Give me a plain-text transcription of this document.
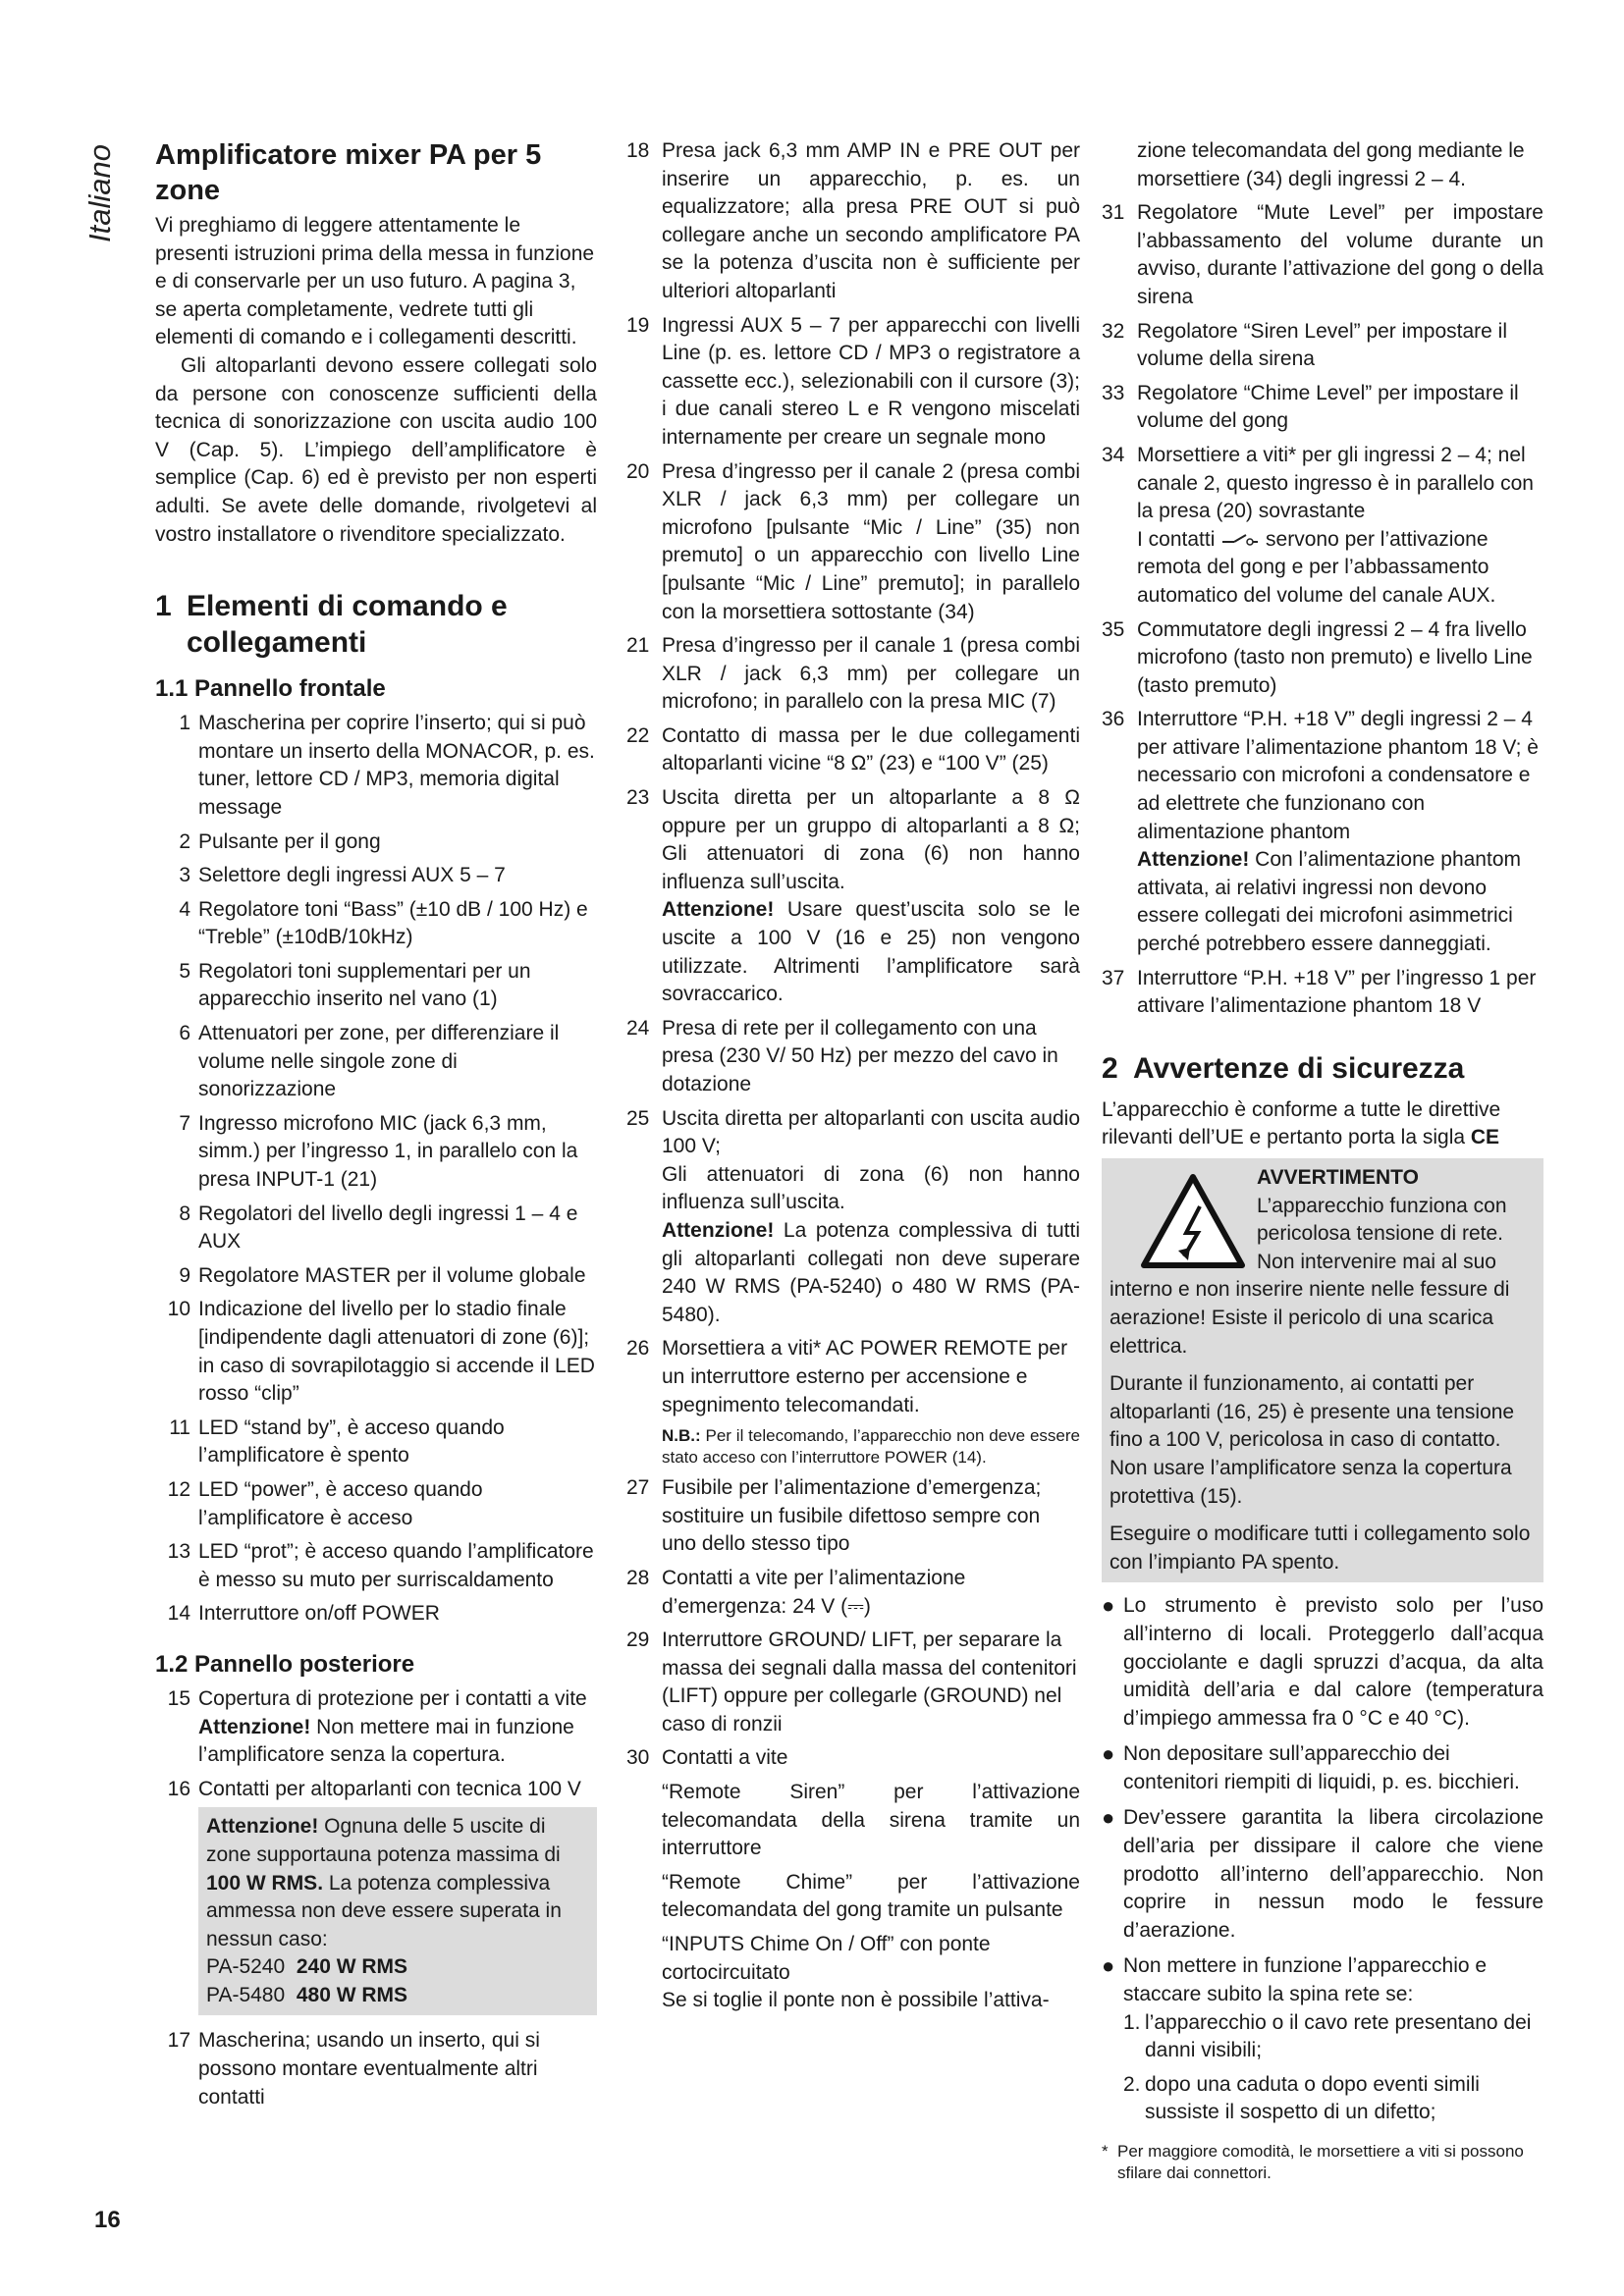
Italiano Amplificatore mixer PA per 5 zone

Vi preghiamo di leggere attentamente le presenti istruzioni prima della messa in funzione e di conservarle per un uso futuro. A pagina 3, se aperta completamente, vedrete tutti gli elementi di comando e i collegamenti descritti.

Gli altoparlanti devono essere collegati solo da persone con conoscenze sufficienti della tecnica di sonorizzazione con uscita audio 100 V (Cap. 5). L’impiego dell’amplificatore è semplice (Cap. 6) ed è previsto per non esperti adulti. Se avete delle domande, rivolgetevi al vostro installatore o rivenditore specializzato.

1 Elementi di comando e collegamenti
1.1 Pannello frontale
1 Mascherina per coprire l’inserto; qui si può montare un inserto della MONACOR, p. es. tuner, lettore CD / MP3, memoria digital message
2 Pulsante per il gong
3 Selettore degli ingressi AUX 5 – 7
4 Regolatore toni “Bass” (±10 dB / 100 Hz) e “Treble” (±10dB/10kHz)
5 Regolatori toni supplementari per un apparecchio inserito nel vano (1)
6 Attenuatori per zone, per differenziare il volume nelle singole zone di sonorizzazione
7 Ingresso microfono MIC (jack 6,3 mm, simm.) per l’ingresso 1, in parallelo con la presa INPUT-1 (21)
8 Regolatori del livello degli ingressi 1 – 4 e AUX
9 Regolatore MASTER per il volume globale
10 Indicazione del livello per lo stadio finale [indipendente dagli attenuatori di zone (6)]; in caso di sovrapilotaggio si accende il LED rosso “clip”
11 LED “stand by”, è acceso quando l’amplificatore è spento
12 LED “power”, è acceso quando l’amplificatore è acceso
13 LED “prot”; è acceso quando l’amplificatore è messo su muto per surriscaldamento
14 Interruttore on/off POWER
1.2 Pannello posteriore
15 Copertura di protezione per i contatti a vite
Attenzione! Non mettere mai in funzione l’amplificatore senza la copertura.
16 Contatti per altoparlanti con tecnica 100 V
Attenzione! Ognuna delle 5 uscite di zone supportauna potenza massima di 100 W RMS. La potenza complessiva ammessa non deve essere superata in nessun caso:
PA-5240 240 W RMS
PA-5480 480 W RMS
17 Mascherina; usando un inserto, qui si possono montare eventualmente altri contatti
18 Presa jack 6,3 mm AMP IN e PRE OUT per inserire un apparecchio, p. es. un equalizzatore; alla presa PRE OUT si può collegare anche un secondo amplificatore PA se la potenza d’uscita non è sufficiente per ulteriori altoparlanti
19 Ingressi AUX 5 – 7 per apparecchi con livelli Line (p. es. lettore CD / MP3 o registratore a cassette ecc.), selezionabili con il cursore (3); i due canali stereo L e R vengono miscelati internamente per creare un segnale mono
20 Presa d’ingresso per il canale 2 (presa combi XLR / jack 6,3 mm) per collegare un microfono [pulsante “Mic / Line” (35) non premuto] o un apparecchio con livello Line [pulsante “Mic / Line” premuto]; in parallelo con la morsettiera sottostante (34)
21 Presa d’ingresso per il canale 1 (presa combi XLR / jack 6,3 mm) per collegare un microfono; in parallelo con la presa MIC (7)
22 Contatto di massa per le due collegamenti altoparlanti vicine “8 Ω” (23) e “100 V” (25)
23 Uscita diretta per un altoparlante a 8 Ω oppure per un gruppo di altoparlanti a 8 Ω; Gli attenuatori di zona (6) non hanno influenza sull’uscita.
Attenzione! Usare quest’uscita solo se le uscite a 100 V (16 e 25) non vengono utilizzate. Altrimenti l’amplificatore sarà sovraccarico.
24 Presa di rete per il collegamento con una presa (230 V/ 50 Hz) per mezzo del cavo in dotazione
25 Uscita diretta per altoparlanti con uscita audio 100 V;
Gli attenuatori di zona (6) non hanno influenza sull’uscita.
Attenzione! La potenza complessiva di tutti gli altoparlanti collegati non deve superare 240 W RMS (PA-5240) o 480 W RMS (PA-5480).
26 Morsettiera a viti* AC POWER REMOTE per un interruttore esterno per accensione e spegnimento telecomandati.

N.B.: Per il telecomando, l’apparecchio non deve essere stato acceso con l’interruttore POWER (14).

27 Fusibile per l’alimentazione d’emergenza; sostituire un fusibile difettoso sempre con uno dello stesso tipo
28 Contatti a vite per l’alimentazione d’emergenza: 24 V (⎓)
29 Interruttore GROUND/ LIFT, per separare la massa dei segnali dalla massa del contenitori (LIFT) oppure per collegarle (GROUND) nel caso di ronzii
30 Contatti a vite

“Remote Siren” per l’attivazione telecomandata della sirena tramite un interruttore

“Remote Chime” per l’attivazione telecomandata del gong tramite un pulsante

“INPUTS Chime On / Off” con ponte cortocircuitato

Se si toglie il ponte non è possibile l’attiva-

zione telecomandata del gong mediante le morsettiere (34) degli ingressi 2 – 4.
31 Regolatore “Mute Level” per impostare l’abbassamento del volume durante un avviso, durante l’attivazione del gong o della sirena
32 Regolatore “Siren Level” per impostare il volume della sirena
33 Regolatore “Chime Level” per impostare il volume del gong
34 Morsettiere a viti* per gli ingressi 2 – 4; nel canale 2, questo ingresso è in parallelo con la presa (20) sovrastante
I contatti  servono per l’attivazione remota del gong e per l’abbassamento automatico del volume del canale AUX.
35 Commutatore degli ingressi 2 – 4 fra livello microfono (tasto non premuto) e livello Line (tasto premuto)
36 Interruttore “P.H. +18 V” degli ingressi 2 – 4 per attivare l’alimentazione phantom 18 V; è necessario con microfoni a condensatore e ad elettrete che funzionano con alimentazione phantom
Attenzione! Con l’alimentazione phantom attivata, ai relativi ingressi non devono essere collegati dei microfoni asimmetrici perché potrebbero essere danneggiati.
37 Interruttore “P.H. +18 V” per l’ingresso 1 per attivare l’alimentazione phantom 18 V
2 Avvertenze di sicurezza

L’apparecchio è conforme a tutte le direttive rilevanti dell’UE e pertanto porta la sigla CE

AVVERTIMENTO
L’apparecchio funziona con pericolosa tensione di rete. Non intervenire mai al suo interno e non inserire niente nelle fessure di aerazione! Esiste il pericolo di una scarica elettrica.

Durante il funzionamento, ai contatti per altoparlanti (16, 25) è presente una tensione fino a 100 V, pericolosa in caso di contatto. Non usare l’amplificatore senza la copertura protettiva (15).

Eseguire o modificare tutti i collegamento solo con l’impianto PA spento.

● Lo strumento è previsto solo per l’uso all’interno di locali. Proteggerlo dall’acqua gocciolante e dagli spruzzi d’acqua, da alta umidità dell’aria e dal calore (temperatura d’impiego ammessa fra 0 °C e 40 °C).
● Non depositare sull’apparecchio dei contenitori riempiti di liquidi, p. es. bicchieri.
● Dev’essere garantita la libera circolazione dell’aria per dissipare il calore che viene prodotto all’interno dell’apparecchio. Non coprire in nessun modo le fessure d’aerazione.
● Non mettere in funzione l’apparecchio e staccare subito la spina rete se:
1. l’apparecchio o il cavo rete presentano dei danni visibili;
2. dopo una caduta o dopo eventi simili sussiste il sospetto di un difetto;
* Per maggiore comodità, le morsettiere a viti si possono sfilare dai connettori.
16
